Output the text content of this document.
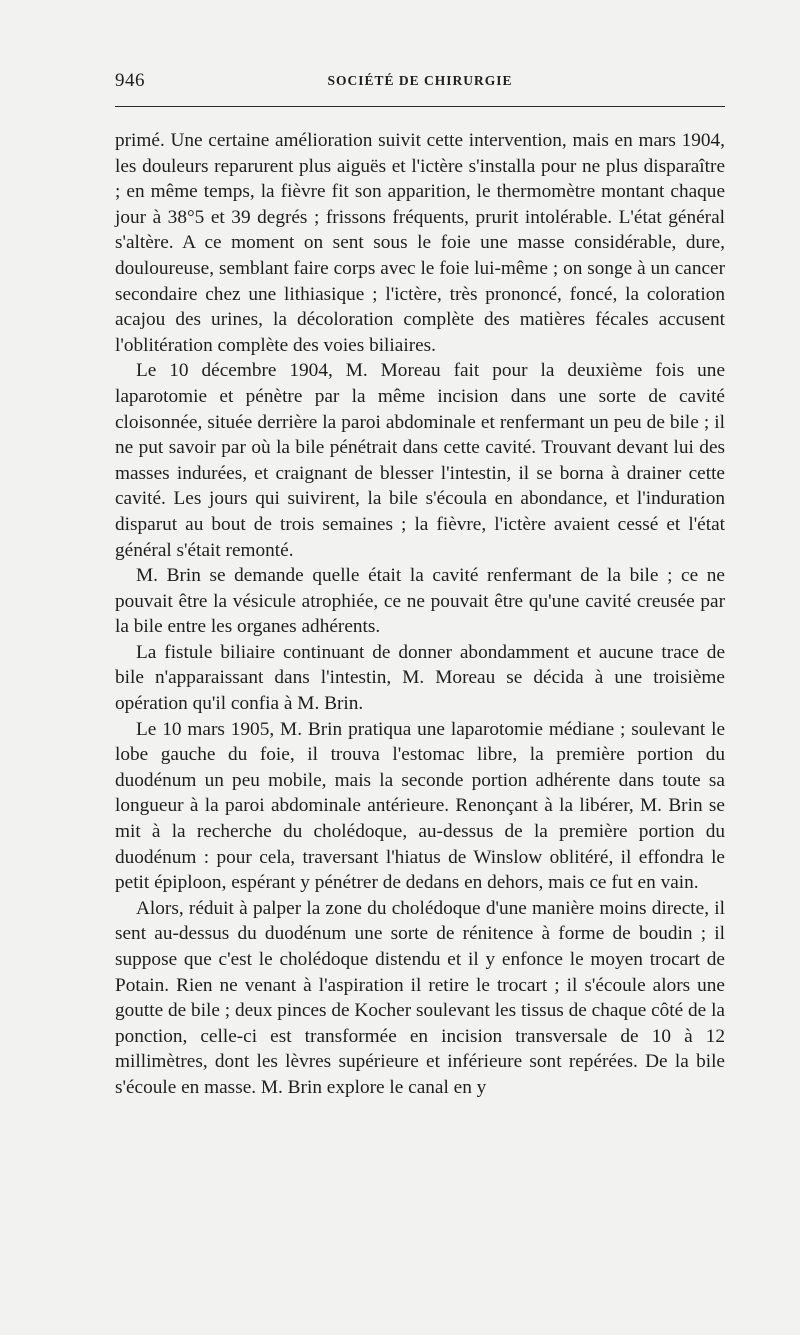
946	SOCIÉTÉ DE CHIRURGIE

primé. Une certaine amélioration suivit cette intervention, mais en mars 1904, les douleurs reparurent plus aiguës et l'ictère s'installa pour ne plus disparaître ; en même temps, la fièvre fit son apparition, le thermomètre montant chaque jour à 38°5 et 39 degrés ; frissons fréquents, prurit intolérable. L'état général s'altère. A ce moment on sent sous le foie une masse considérable, dure, douloureuse, semblant faire corps avec le foie lui-même ; on songe à un cancer secondaire chez une lithiasique ; l'ictère, très prononcé, foncé, la coloration acajou des urines, la décoloration complète des matières fécales accusent l'oblitération complète des voies biliaires.

Le 10 décembre 1904, M. Moreau fait pour la deuxième fois une laparotomie et pénètre par la même incision dans une sorte de cavité cloisonnée, située derrière la paroi abdominale et renfermant un peu de bile ; il ne put savoir par où la bile pénétrait dans cette cavité. Trouvant devant lui des masses indurées, et craignant de blesser l'intestin, il se borna à drainer cette cavité. Les jours qui suivirent, la bile s'écoula en abondance, et l'induration disparut au bout de trois semaines ; la fièvre, l'ictère avaient cessé et l'état général s'était remonté.

M. Brin se demande quelle était la cavité renfermant de la bile ; ce ne pouvait être la vésicule atrophiée, ce ne pouvait être qu'une cavité creusée par la bile entre les organes adhérents.

La fistule biliaire continuant de donner abondamment et aucune trace de bile n'apparaissant dans l'intestin, M. Moreau se décida à une troisième opération qu'il confia à M. Brin.

Le 10 mars 1905, M. Brin pratiqua une laparotomie médiane ; soulevant le lobe gauche du foie, il trouva l'estomac libre, la première portion du duodénum un peu mobile, mais la seconde portion adhérente dans toute sa longueur à la paroi abdominale antérieure. Renonçant à la libérer, M. Brin se mit à la recherche du cholédoque, au-dessus de la première portion du duodénum : pour cela, traversant l'hiatus de Winslow oblitéré, il effondra le petit épiploon, espérant y pénétrer de dedans en dehors, mais ce fut en vain.

Alors, réduit à palper la zone du cholédoque d'une manière moins directe, il sent au-dessus du duodénum une sorte de rénitence à forme de boudin ; il suppose que c'est le cholédoque distendu et il y enfonce le moyen trocart de Potain. Rien ne venant à l'aspiration il retire le trocart ; il s'écoule alors une goutte de bile ; deux pinces de Kocher soulevant les tissus de chaque côté de la ponction, celle-ci est transformée en incision transversale de 10 à 12 millimètres, dont les lèvres supérieure et inférieure sont repérées. De la bile s'écoule en masse. M. Brin explore le canal en y
